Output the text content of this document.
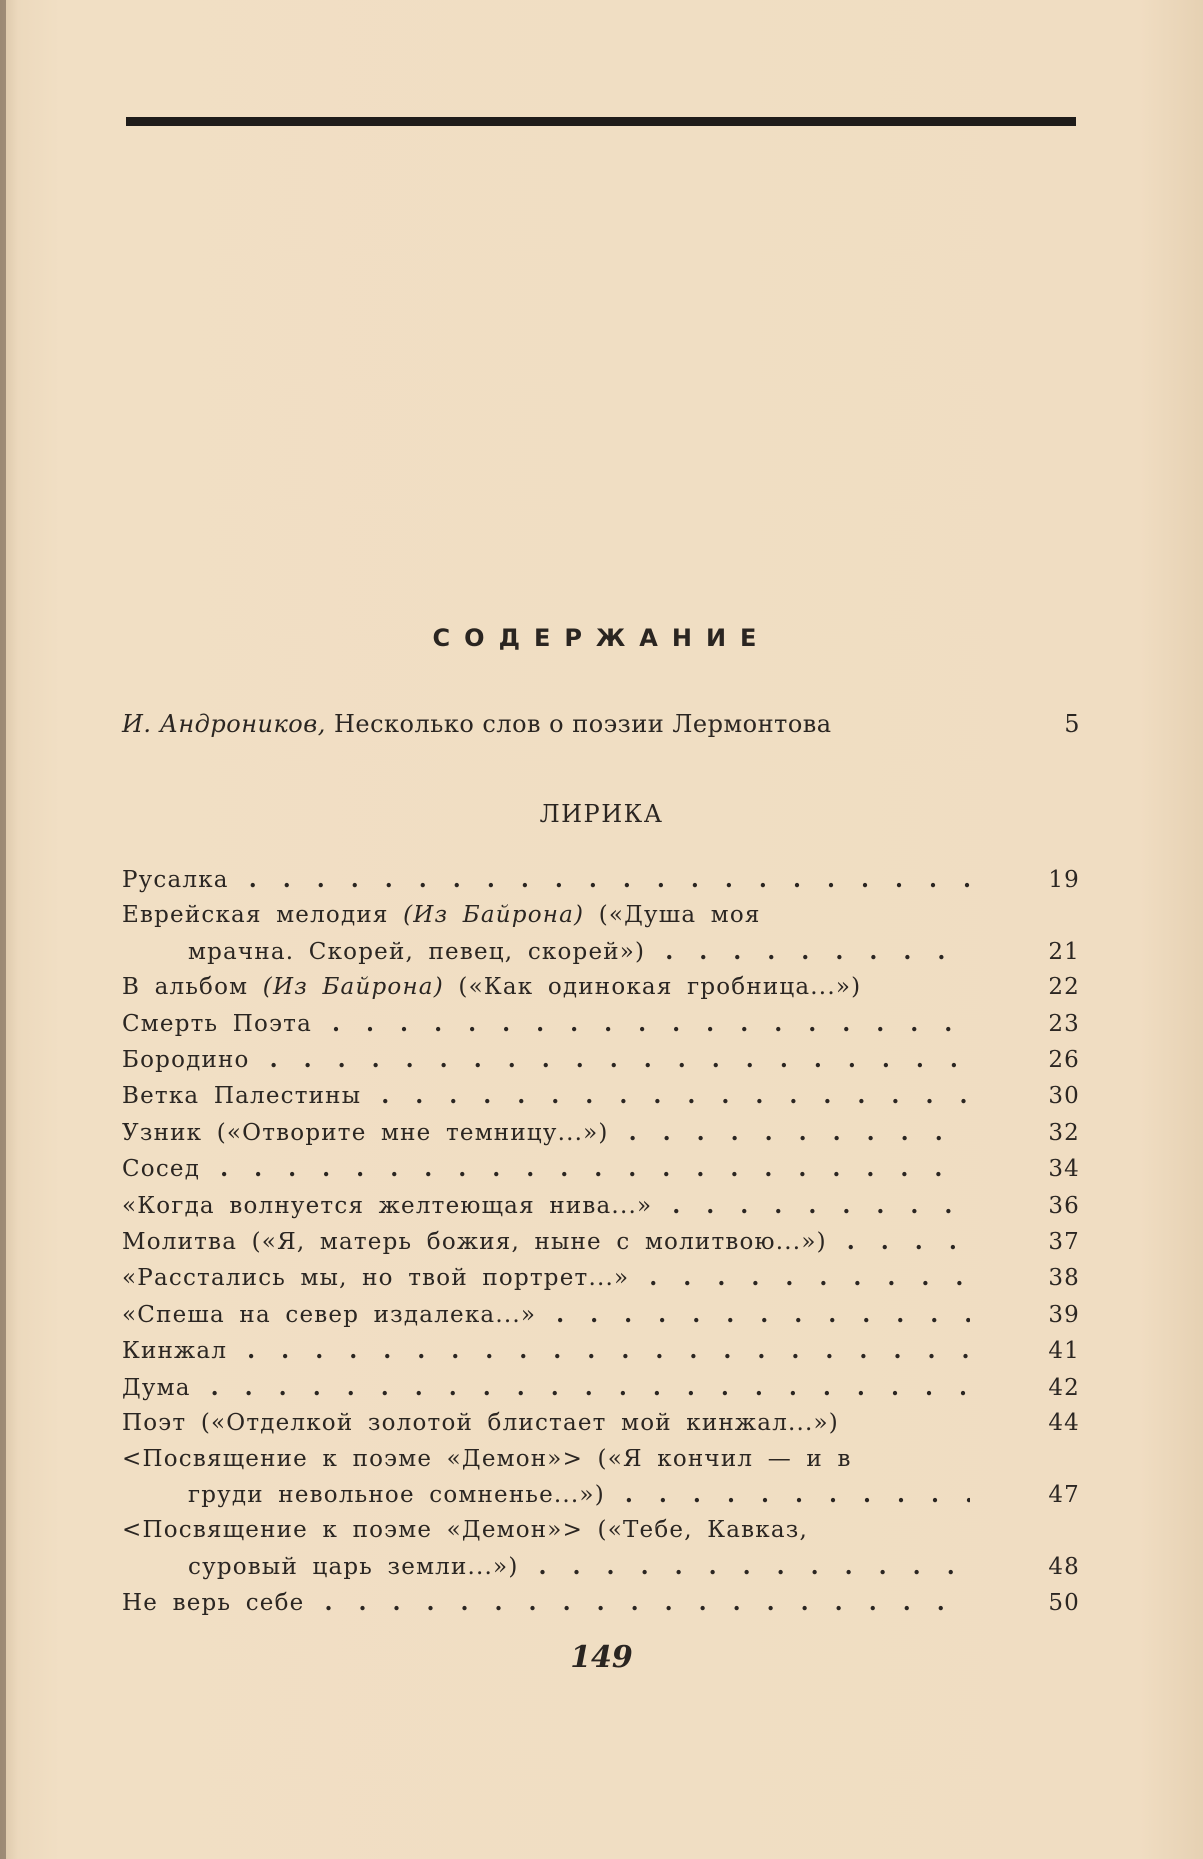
СОДЕРЖАНИЕ
И. Андроников, Несколько слов о поэзии Лермонтова	5
ЛИРИКА
Русалка . . .	19
Еврейская мелодия (Из Байрона) («Душа моя
мрачна. Скорей, певец, скорей») . . .	21
В альбом (Из Байрона) («Как одинокая гробница...»)	22
Смерть Поэта . . .	23
Бородино . . .	26
Ветка Палестины . . .	30
Узник («Отворите мне темницу...») . . .	32
Сосед . . .	34
«Когда волнуется желтеющая нива...» . . .	36
Молитва («Я, матерь божия, ныне с молитвою...») . . .	37
«Расстались мы, но твой портрет...» . . .	38
«Спеша на север издалека...» . . .	39
Кинжал . . .	41
Дума . . .	42
Поэт («Отделкой золотой блистает мой кинжал...»)	44
<Посвящение к поэме «Демон»> («Я кончил — и в
груди невольное сомненье...») . . .	47
<Посвящение к поэме «Демон»> («Тебе, Кавказ,
суровый царь земли...») . . .	48
Не верь себе . . .	50
149
